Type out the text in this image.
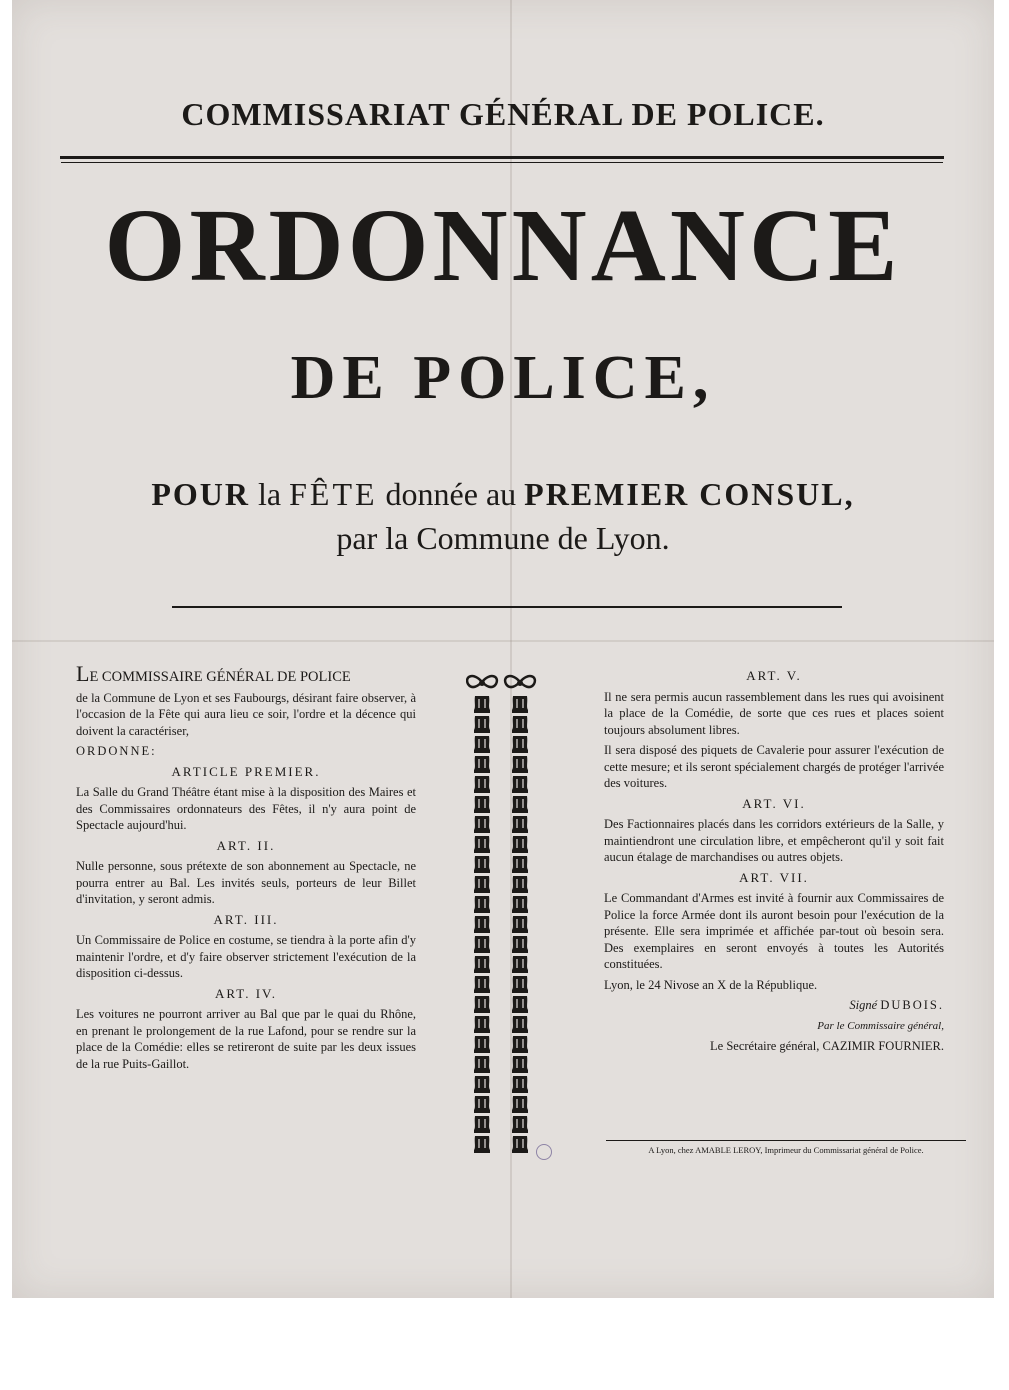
COMMISSARIAT GÉNÉRAL DE POLICE.
ORDONNANCE
DE POLICE,
POUR la FÊTE donnée au PREMIER CONSUL,
par la Commune de Lyon.

LE COMMISSAIRE GÉNÉRAL DE POLICE

de la Commune de Lyon et ses Faubourgs, désirant faire observer, à l'occasion de la Fête qui aura lieu ce soir, l'ordre et la décence qui doivent la caractériser,

ORDONNE:

ARTICLE PREMIER.

La Salle du Grand Théâtre étant mise à la disposition des Maires et des Commissaires ordonnateurs des Fêtes, il n'y aura point de Spectacle aujourd'hui.

ART. II.

Nulle personne, sous prétexte de son abonnement au Spectacle, ne pourra entrer au Bal. Les invités seuls, porteurs de leur Billet d'invitation, y seront admis.

ART. III.

Un Commissaire de Police en costume, se tiendra à la porte afin d'y maintenir l'ordre, et d'y faire observer strictement l'exécution de la disposition ci-dessus.

ART. IV.

Les voitures ne pourront arriver au Bal que par le quai du Rhône, en prenant le prolongement de la rue Lafond, pour se rendre sur la place de la Comédie: elles se retireront de suite par les deux issues de la rue Puits-Gaillot.

ART. V.

Il ne sera permis aucun rassemblement dans les rues qui avoisinent la place de la Comédie, de sorte que ces rues et places soient toujours absolument libres.

Il sera disposé des piquets de Cavalerie pour assurer l'exécution de cette mesure; et ils seront spécialement chargés de protéger l'arrivée des voitures.

ART. VI.

Des Factionnaires placés dans les corridors extérieurs de la Salle, y maintiendront une circulation libre, et empêcheront qu'il y soit fait aucun étalage de marchandises ou autres objets.

ART. VII.

Le Commandant d'Armes est invité à fournir aux Commissaires de Police la force Armée dont ils auront besoin pour l'exécution de la présente. Elle sera imprimée et affichée par-tout où besoin sera. Des exemplaires en seront envoyés à toutes les Autorités constituées.

Lyon, le 24 Nivose an X de la République.

Signé DUBOIS.

Par le Commissaire général,

Le Secrétaire général, CAZIMIR FOURNIER.

A Lyon, chez AMABLE LEROY, Imprimeur du Commissariat général de Police.
